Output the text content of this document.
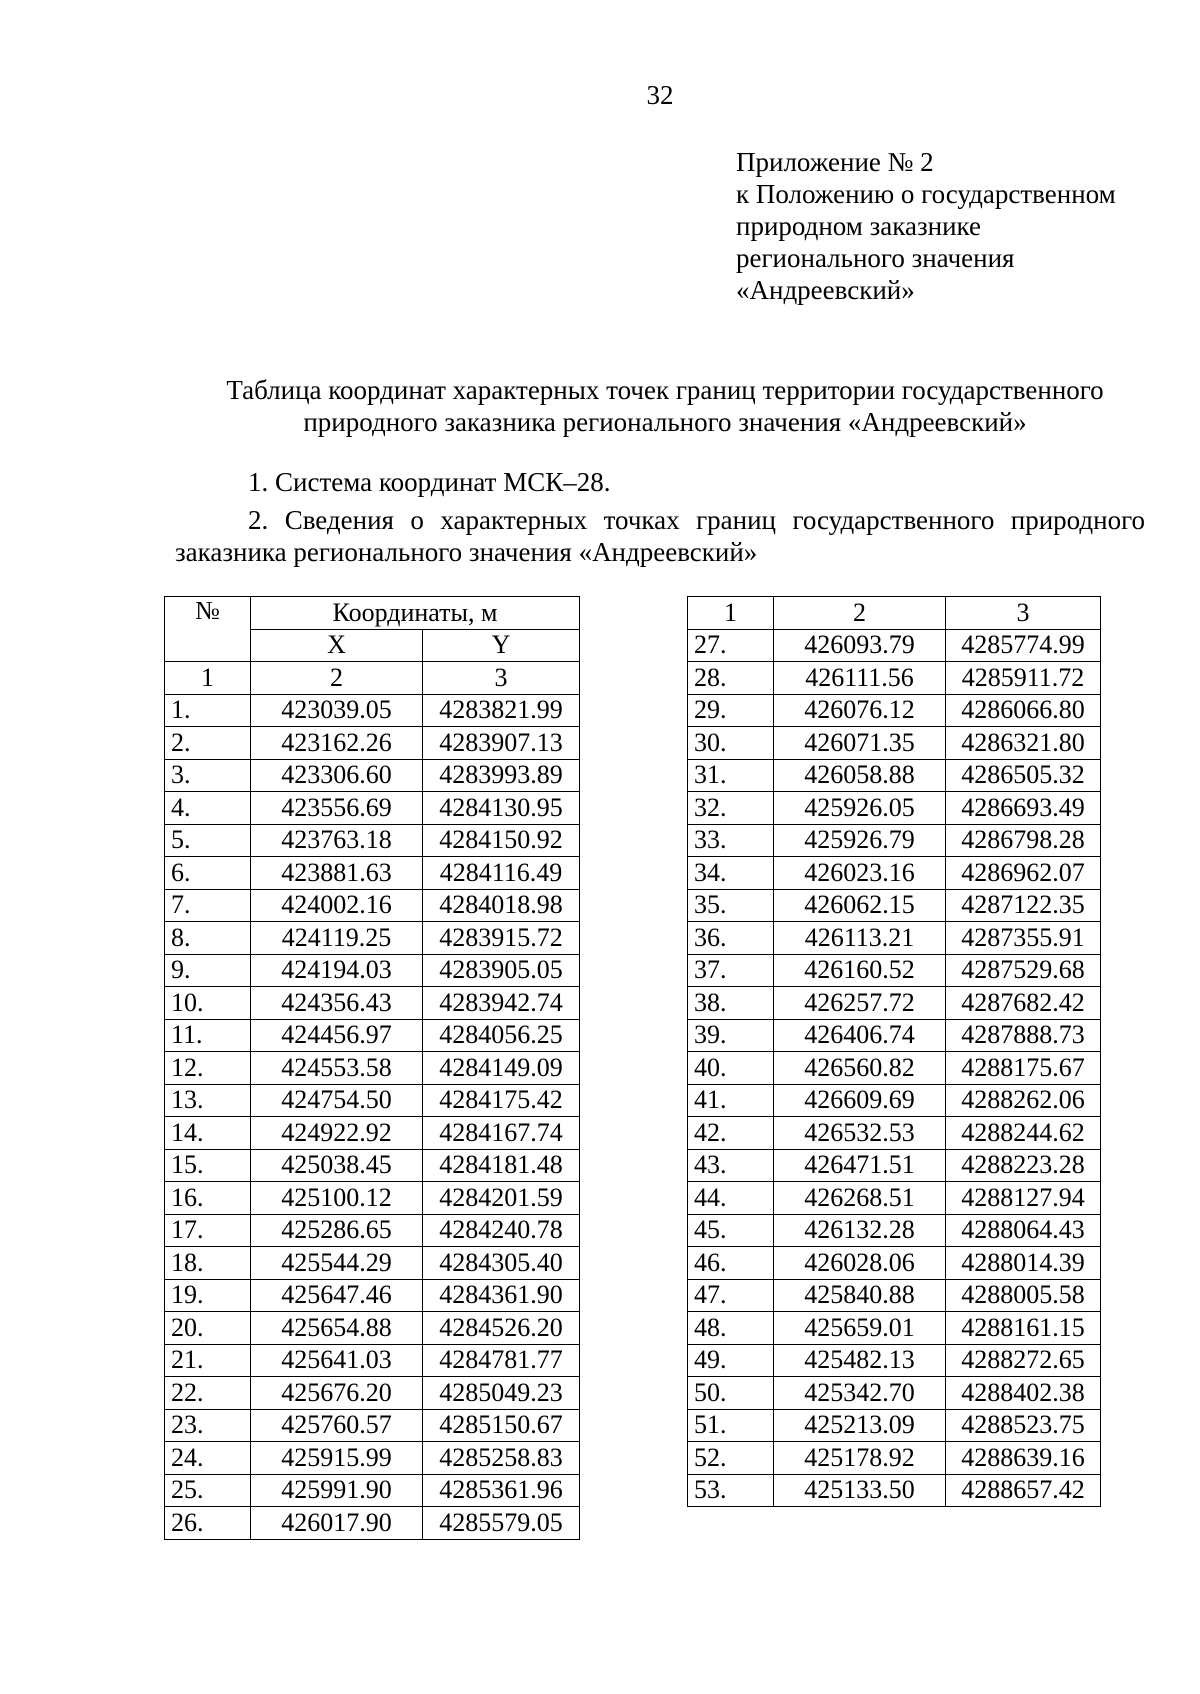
32
Приложение № 2
к Положению о государственном
природном заказнике
регионального значения
«Андреевский»
Таблица координат характерных точек границ территории государственного природного заказника регионального значения «Андреевский»
1. Система координат МСК–28.
2. Сведения о характерных точках границ государственного природного заказника регионального значения «Андреевский»
№	Координаты, м	
	X	Y
1	2	3
1.	423039.05	4283821.99
2.	423162.26	4283907.13
3.	423306.60	4283993.89
4.	423556.69	4284130.95
5.	423763.18	4284150.92
6.	423881.63	4284116.49
7.	424002.16	4284018.98
8.	424119.25	4283915.72
9.	424194.03	4283905.05
10.	424356.43	4283942.74
11.	424456.97	4284056.25
12.	424553.58	4284149.09
13.	424754.50	4284175.42
14.	424922.92	4284167.74
15.	425038.45	4284181.48
16.	425100.12	4284201.59
17.	425286.65	4284240.78
18.	425544.29	4284305.40
19.	425647.46	4284361.90
20.	425654.88	4284526.20
21.	425641.03	4284781.77
22.	425676.20	4285049.23
23.	425760.57	4285150.67
24.	425915.99	4285258.83
25.	425991.90	4285361.96
26.	426017.90	4285579.05
1	2	3
27.	426093.79	4285774.99
28.	426111.56	4285911.72
29.	426076.12	4286066.80
30.	426071.35	4286321.80
31.	426058.88	4286505.32
32.	425926.05	4286693.49
33.	425926.79	4286798.28
34.	426023.16	4286962.07
35.	426062.15	4287122.35
36.	426113.21	4287355.91
37.	426160.52	4287529.68
38.	426257.72	4287682.42
39.	426406.74	4287888.73
40.	426560.82	4288175.67
41.	426609.69	4288262.06
42.	426532.53	4288244.62
43.	426471.51	4288223.28
44.	426268.51	4288127.94
45.	426132.28	4288064.43
46.	426028.06	4288014.39
47.	425840.88	4288005.58
48.	425659.01	4288161.15
49.	425482.13	4288272.65
50.	425342.70	4288402.38
51.	425213.09	4288523.75
52.	425178.92	4288639.16
53.	425133.50	4288657.42
